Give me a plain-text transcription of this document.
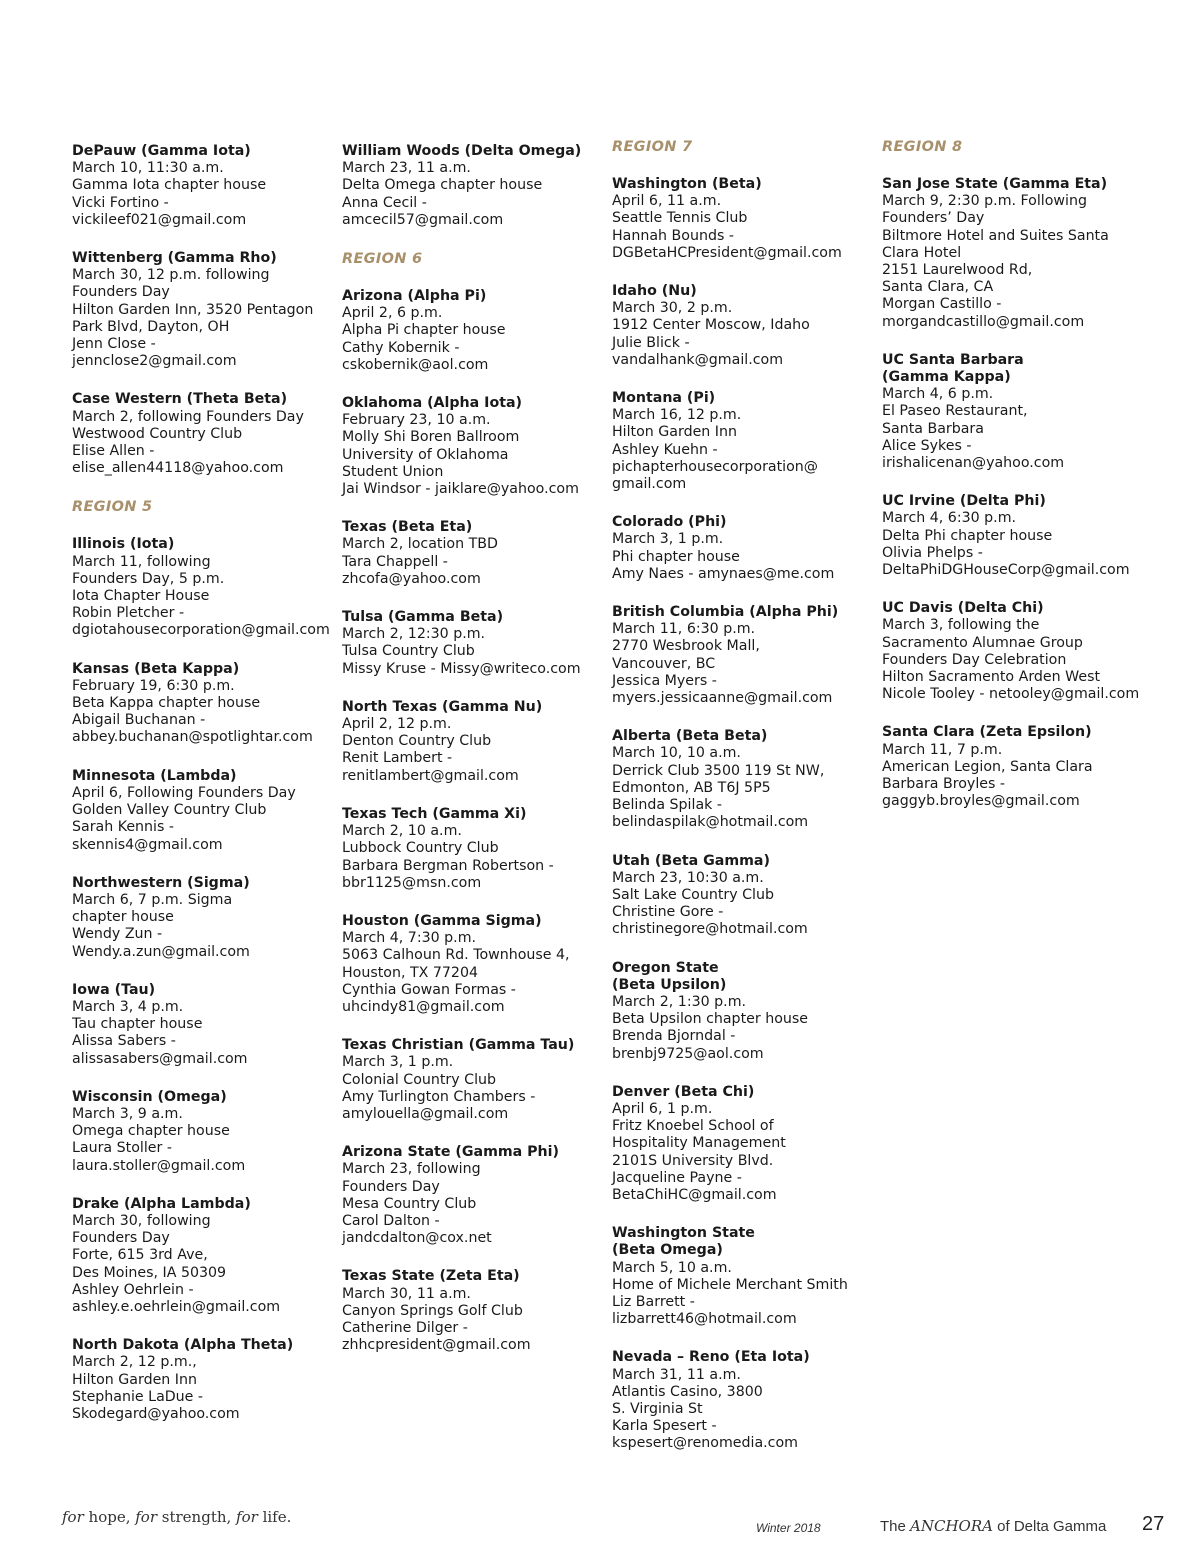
DePauw (Gamma Iota)
March 10, 11:30 a.m.
Gamma Iota chapter house
Vicki Fortino -
vickileef021@gmail.com
Wittenberg (Gamma Rho)
March 30, 12 p.m. following
Founders Day
Hilton Garden Inn, 3520 Pentagon
Park Blvd, Dayton, OH
Jenn Close -
jennclose2@gmail.com
Case Western (Theta Beta)
March 2, following Founders Day
Westwood Country Club
Elise Allen -
elise_allen44118@yahoo.com
REGION 5
Illinois (Iota)
March 11, following
Founders Day, 5 p.m.
Iota Chapter House
Robin Pletcher -
dgiotahousecorporation@gmail.com
Kansas (Beta Kappa)
February 19, 6:30 p.m.
Beta Kappa chapter house
Abigail Buchanan -
abbey.buchanan@spotlightar.com
Minnesota (Lambda)
April 6, Following Founders Day
Golden Valley Country Club
Sarah Kennis -
skennis4@gmail.com
Northwestern (Sigma)
March 6, 7 p.m. Sigma
chapter house
Wendy Zun -
Wendy.a.zun@gmail.com
Iowa (Tau)
March 3, 4 p.m.
Tau chapter house
Alissa Sabers -
alissasabers@gmail.com
Wisconsin (Omega)
March 3, 9 a.m.
Omega chapter house
Laura Stoller -
laura.stoller@gmail.com
Drake (Alpha Lambda)
March 30, following
Founders Day
Forte, 615 3rd Ave,
Des Moines, IA 50309
Ashley Oehrlein -
ashley.e.oehrlein@gmail.com
North Dakota (Alpha Theta)
March 2, 12 p.m.,
Hilton Garden Inn
Stephanie LaDue -
Skodegard@yahoo.com
William Woods (Delta Omega)
March 23, 11 a.m.
Delta Omega chapter house
Anna Cecil -
amcecil57@gmail.com
REGION 6
Arizona (Alpha Pi)
April 2, 6 p.m.
Alpha Pi chapter house
Cathy Kobernik -
cskobernik@aol.com
Oklahoma (Alpha Iota)
February 23, 10 a.m.
Molly Shi Boren Ballroom
University of Oklahoma
Student Union
Jai Windsor - jaiklare@yahoo.com
Texas (Beta Eta)
March 2, location TBD
Tara Chappell -
zhcofa@yahoo.com
Tulsa (Gamma Beta)
March 2, 12:30 p.m.
Tulsa Country Club
Missy Kruse - Missy@writeco.com
North Texas (Gamma Nu)
April 2, 12 p.m.
Denton Country Club
Renit Lambert -
renitlambert@gmail.com
Texas Tech (Gamma Xi)
March 2, 10 a.m.
Lubbock Country Club
Barbara Bergman Robertson -
bbr1125@msn.com
Houston (Gamma Sigma)
March 4, 7:30 p.m.
5063 Calhoun Rd. Townhouse 4,
Houston, TX 77204
Cynthia Gowan Formas -
uhcindy81@gmail.com
Texas Christian (Gamma Tau)
March 3, 1 p.m.
Colonial Country Club
Amy Turlington Chambers -
amylouella@gmail.com
Arizona State (Gamma Phi)
March 23, following
Founders Day
Mesa Country Club
Carol Dalton -
jandcdalton@cox.net
Texas State (Zeta Eta)
March 30, 11 a.m.
Canyon Springs Golf Club
Catherine Dilger -
zhhcpresident@gmail.com
REGION 7
Washington (Beta)
April 6, 11 a.m.
Seattle Tennis Club
Hannah Bounds -
DGBetaHCPresident@gmail.com
Idaho (Nu)
March 30, 2 p.m.
1912 Center Moscow, Idaho
Julie Blick -
vandalhank@gmail.com
Montana (Pi)
March 16, 12 p.m.
Hilton Garden Inn
Ashley Kuehn -
pichapterhousecorporation@
gmail.com
Colorado (Phi)
March 3, 1 p.m.
Phi chapter house
Amy Naes - amynaes@me.com
British Columbia (Alpha Phi)
March 11, 6:30 p.m.
2770 Wesbrook Mall,
Vancouver, BC
Jessica Myers -
myers.jessicaanne@gmail.com
Alberta (Beta Beta)
March 10, 10 a.m.
Derrick Club 3500 119 St NW,
Edmonton, AB T6J 5P5
Belinda Spilak -
belindaspilak@hotmail.com
Utah (Beta Gamma)
March 23, 10:30 a.m.
Salt Lake Country Club
Christine Gore -
christinegore@hotmail.com
Oregon State
(Beta Upsilon)
March 2, 1:30 p.m.
Beta Upsilon chapter house
Brenda Bjorndal -
brenbj9725@aol.com
Denver (Beta Chi)
April 6, 1 p.m.
Fritz Knoebel School of
Hospitality Management
2101S University Blvd.
Jacqueline Payne -
BetaChiHC@gmail.com
Washington State
(Beta Omega)
March 5, 10 a.m.
Home of Michele Merchant Smith
Liz Barrett -
lizbarrett46@hotmail.com
Nevada – Reno (Eta Iota)
March 31, 11 a.m.
Atlantis Casino, 3800
S. Virginia St
Karla Spesert -
kspesert@renomedia.com
REGION 8
San Jose State (Gamma Eta)
March 9, 2:30 p.m. Following
Founders’ Day
Biltmore Hotel and Suites Santa
Clara Hotel
2151 Laurelwood Rd,
Santa Clara, CA
Morgan Castillo -
morgandcastillo@gmail.com
UC Santa Barbara
(Gamma Kappa)
March 4, 6 p.m.
El Paseo Restaurant,
Santa Barbara
Alice Sykes -
irishalicenan@yahoo.com
UC Irvine (Delta Phi)
March 4, 6:30 p.m.
Delta Phi chapter house
Olivia Phelps -
DeltaPhiDGHouseCorp@gmail.com
UC Davis (Delta Chi)
March 3, following the
Sacramento Alumnae Group
Founders Day Celebration
Hilton Sacramento Arden West
Nicole Tooley - netooley@gmail.com
Santa Clara (Zeta Epsilon)
March 11, 7 p.m.
American Legion, Santa Clara
Barbara Broyles -
gaggyb.broyles@gmail.com
for hope, for strength, for life.
Winter 2018	The ANCHORA of Delta Gamma 27
